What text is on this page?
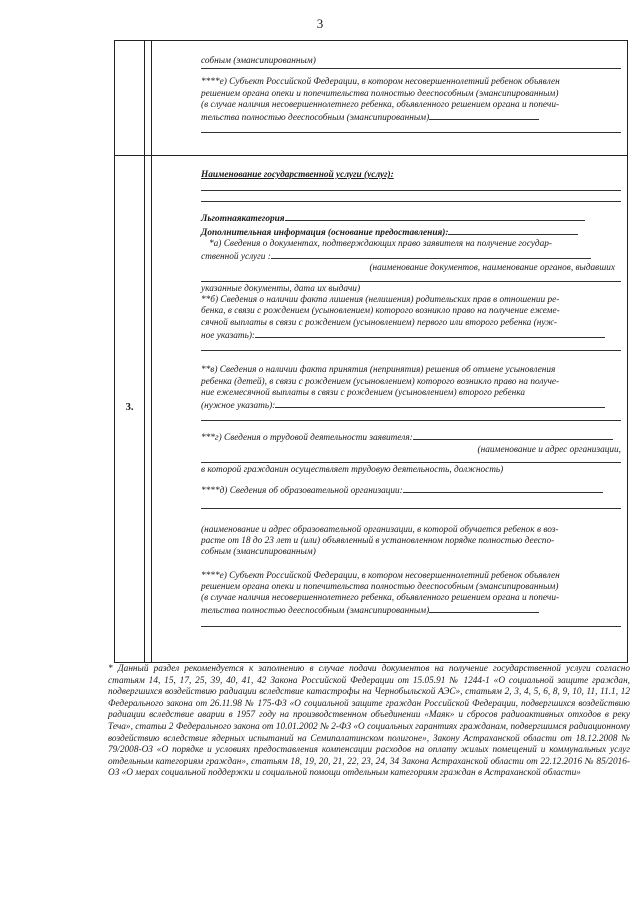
3
3.

собным (эмансипированным)

****е) Субъект Российской Федерации, в котором несовершеннолетний ребенок объявлен

решением органа опеки и попечительства полностью дееспособным (эмансипированным)

(в случае наличия несовершеннолетнего ребенка, объявленного решением органа и попечи-

тельства полностью дееспособным (эмансипированным)

Наименование государственной услуги (услуг):

Льготнаякатегория

Дополнительная информация (основание предоставления):

*а) Сведения о документах, подтверждающих право заявителя на получение государ-

ственной услуги :

(наименование документов, наименование органов, выдавших

указанные документы, дата их выдачи)

**б) Сведения о наличии факта лишения (нелишения) родительских прав в отношении ре-

бенка, в связи с рождением (усыновлением) которого возникло право на получение ежеме-

сячной выплаты в связи с рождением (усыновлением) первого или второго ребенка (нуж-

ное указать):

**в) Сведения о наличии факта принятия (непринятия) решения об отмене усыновления

ребенка (детей), в связи с рождением (усыновлением) которого возникло право на получе-

ние ежемесячной выплаты в связи с рождением (усыновлением) второго ребенка

(нужное указать):

***г) Сведения о трудовой деятельности заявителя:

(наименование и адрес организации,

в которой гражданин осуществляет трудовую деятельность, должность)

****д) Сведения об образовательной организации:

(наименование и адрес образовательной организации, в которой обучается ребенок в воз-

расте от 18 до 23 лет и (или) объявленный в установленном порядке полностью дееспо-

собным (эмансипированным)

****е) Субъект Российской Федерации, в котором несовершеннолетний ребенок объявлен

решением органа опеки и попечительства полностью дееспособным (эмансипированным)

(в случае наличия несовершеннолетнего ребенка, объявленного решением органа и попечи-

тельства полностью дееспособным (эмансипированным)

* Данный раздел рекомендуется к заполнению в случае подачи документов на получение государственной услуги согласно статьям 14, 15, 17, 25, 39, 40, 41, 42 Закона Российской Федерации от 15.05.91 № 1244-1 «О социальной защите граждан, подвергшихся воздействию радиации вследствие катастрофы на Чернобыльской АЭС», статьям 2, 3, 4, 5, 6, 8, 9, 10, 11, 11.1, 12 Федерального закона от 26.11.98 № 175-ФЗ «О социальной защите граждан Российской Федерации, подвергшихся воздействию радиации вследствие аварии в 1957 году на производственном объединении «Маяк» и сбросов радиоактивных отходов в реку Теча», статьи 2 Федерального закона от 10.01.2002 № 2-ФЗ «О социальных гарантиях гражданам, подвергшимся радиационному воздействию вследствие ядерных испытаний на Семипалатинском полигоне», Закону Астраханской области от 18.12.2008 № 79/2008-ОЗ «О порядке и условиях предоставления компенсации расходов на оплату жилых помещений и коммунальных услуг отдельным категориям граждан», статьям 18, 19, 20, 21, 22, 23, 24, 34 Закона Астраханской области от 22.12.2016 № 85/2016-ОЗ «О мерах социальной поддержки и социальной помощи отдельным категориям граждан в Астраханской области»
